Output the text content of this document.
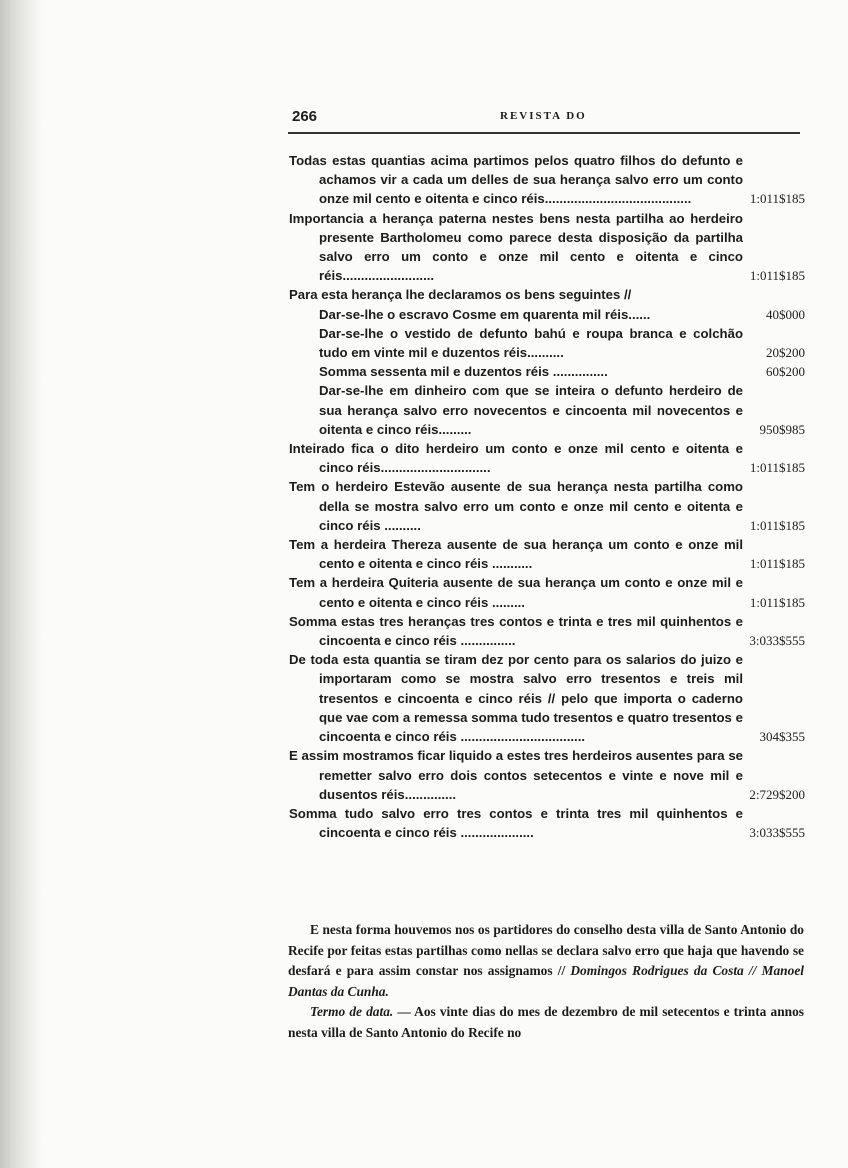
266	REVISTA DO
Todas estas quantias acima partimos pelos quatro filhos do defunto e achamos vir a cada um delles de sua herança salvo erro um conto onze mil cento e oitenta e cinco réis........................................	1:011$185
Importancia a herança paterna nestes bens nesta partilha ao herdeiro presente Bartholomeu como parece desta disposição da partilha salvo erro um conto e onze mil cento e oitenta e cinco réis.........................	1:011$185
Para esta herança lhe declaramos os bens seguintes //
Dar-se-lhe o escravo Cosme em quarenta mil réis......	40$000
Dar-se-lhe o vestido de defunto bahú e roupa branca e colchão tudo em vinte mil e duzentos réis..........	20$200
Somma sessenta mil e duzentos réis ...............	60$200
Dar-se-lhe em dinheiro com que se inteira o defunto herdeiro de sua herança salvo erro novecentos e cincoenta mil novecentos e oitenta e cinco réis.........	950$985
Inteirado fica o dito herdeiro um conto e onze mil cento e oitenta e cinco réis..............................	1:011$185
Tem o herdeiro Estevão ausente de sua herança nesta partilha como della se mostra salvo erro um conto e onze mil cento e oitenta e cinco réis ..........	1:011$185
Tem a herdeira Thereza ausente de sua herança um conto e onze mil cento e oitenta e cinco réis ...........	1:011$185
Tem a herdeira Quiteria ausente de sua herança um conto e onze mil e cento e oitenta e cinco réis .........	1:011$185
Somma estas tres heranças tres contos e trinta e tres mil quinhentos e cincoenta e cinco réis ...............	3:033$555
De toda esta quantia se tiram dez por cento para os salarios do juizo e importaram como se mostra salvo erro tresentos e treis mil tresentos e cincoenta e cinco réis // pelo que importa o caderno que vae com a remessa somma tudo tresentos e quatro tresentos e cincoenta e cinco réis ..................................	304$355
E assim mostramos ficar liquido a estes tres herdeiros ausentes para se remetter salvo erro dois contos setecentos e vinte e nove mil e dusentos réis..............	2:729$200
Somma tudo salvo erro tres contos e trinta tres mil quinhentos e cincoenta e cinco réis ....................	3:033$555

E nesta forma houvemos nos os partidores do conselho desta villa de Santo Antonio do Recife por feitas estas partilhas como nellas se declara salvo erro que haja que havendo se desfará e para assim constar nos assignamos // Domingos Rodrigues da Costa // Manoel Dantas da Cunha.

Termo de data. — Aos vinte dias do mes de dezembro de mil setecentos e trinta annos nesta villa de Santo Antonio do Recife no
